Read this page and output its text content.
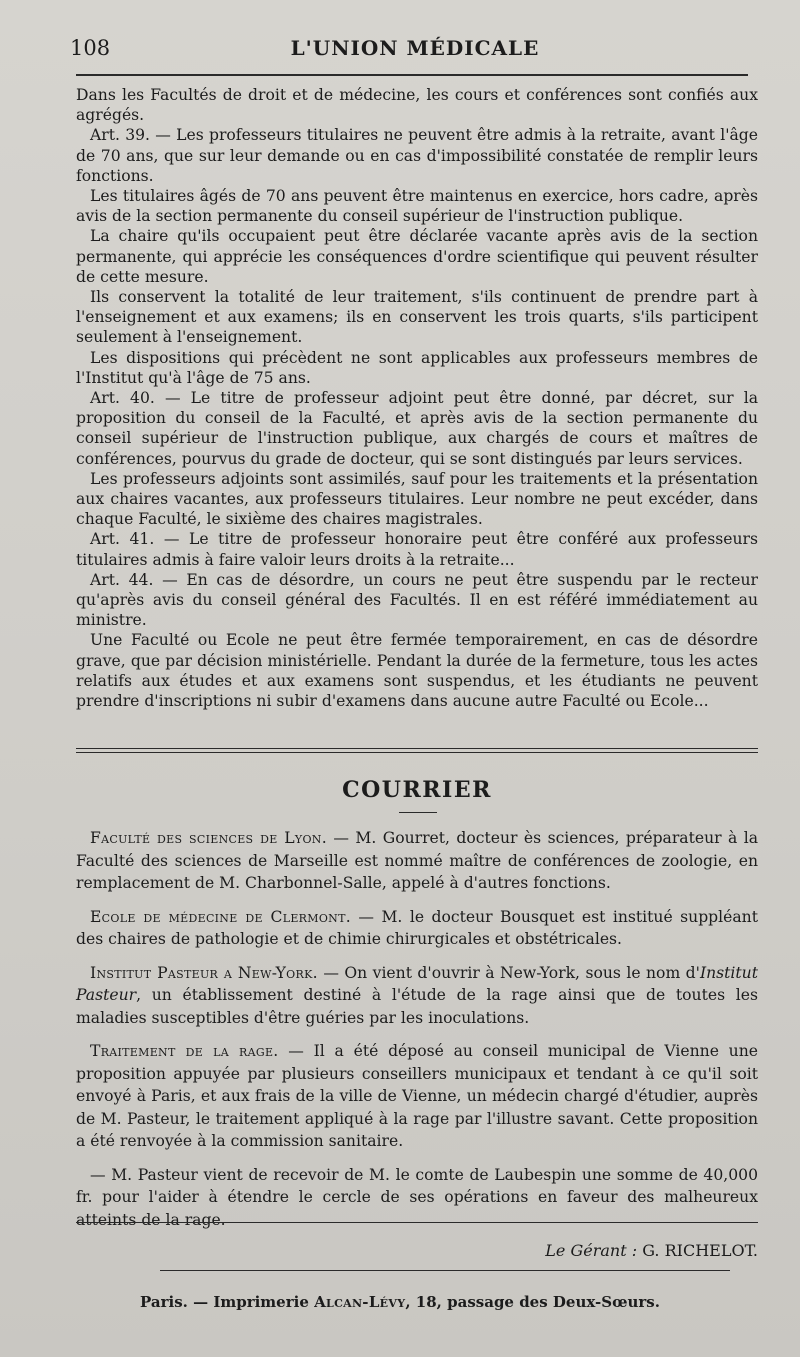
108	L'UNION MÉDICALE

Dans les Facultés de droit et de médecine, les cours et conférences sont confiés aux agrégés.

Art. 39. — Les professeurs titulaires ne peuvent être admis à la retraite, avant l'âge de 70 ans, que sur leur demande ou en cas d'impossibilité constatée de remplir leurs fonctions.

Les titulaires âgés de 70 ans peuvent être maintenus en exercice, hors cadre, après avis de la section permanente du conseil supérieur de l'instruction publique.

La chaire qu'ils occupaient peut être déclarée vacante après avis de la section permanente, qui apprécie les conséquences d'ordre scientifique qui peuvent résulter de cette mesure.

Ils conservent la totalité de leur traitement, s'ils continuent de prendre part à l'enseignement et aux examens; ils en conservent les trois quarts, s'ils participent seulement à l'enseignement.

Les dispositions qui précèdent ne sont applicables aux professeurs membres de l'Institut qu'à l'âge de 75 ans.

Art. 40. — Le titre de professeur adjoint peut être donné, par décret, sur la proposition du conseil de la Faculté, et après avis de la section permanente du conseil supérieur de l'instruction publique, aux chargés de cours et maîtres de conférences, pourvus du grade de docteur, qui se sont distingués par leurs services.

Les professeurs adjoints sont assimilés, sauf pour les traitements et la présentation aux chaires vacantes, aux professeurs titulaires. Leur nombre ne peut excéder, dans chaque Faculté, le sixième des chaires magistrales.

Art. 41. — Le titre de professeur honoraire peut être conféré aux professeurs titulaires admis à faire valoir leurs droits à la retraite...

Art. 44. — En cas de désordre, un cours ne peut être suspendu par le recteur qu'après avis du conseil général des Facultés. Il en est référé immédiatement au ministre.

Une Faculté ou Ecole ne peut être fermée temporairement, en cas de désordre grave, que par décision ministérielle. Pendant la durée de la fermeture, tous les actes relatifs aux études et aux examens sont suspendus, et les étudiants ne peuvent prendre d'inscriptions ni subir d'examens dans aucune autre Faculté ou Ecole...

COURRIER

Faculté des sciences de Lyon. — M. Gourret, docteur ès sciences, préparateur à la Faculté des sciences de Marseille est nommé maître de conférences de zoologie, en remplacement de M. Charbonnel-Salle, appelé à d'autres fonctions.

Ecole de médecine de Clermont. — M. le docteur Bousquet est institué suppléant des chaires de pathologie et de chimie chirurgicales et obstétricales.

Institut Pasteur a New-York. — On vient d'ouvrir à New-York, sous le nom d'Institut Pasteur, un établissement destiné à l'étude de la rage ainsi que de toutes les maladies susceptibles d'être guéries par les inoculations.

Traitement de la rage. — Il a été déposé au conseil municipal de Vienne une proposition appuyée par plusieurs conseillers municipaux et tendant à ce qu'il soit envoyé à Paris, et aux frais de la ville de Vienne, un médecin chargé d'étudier, auprès de M. Pasteur, le traitement appliqué à la rage par l'illustre savant. Cette proposition a été renvoyée à la commission sanitaire.

— M. Pasteur vient de recevoir de M. le comte de Laubespin une somme de 40,000 fr. pour l'aider à étendre le cercle de ses opérations en faveur des malheureux atteints de la rage.

Le Gérant : G. RICHELOT.
Paris. — Imprimerie Alcan-Lévy, 18, passage des Deux-Sœurs.
